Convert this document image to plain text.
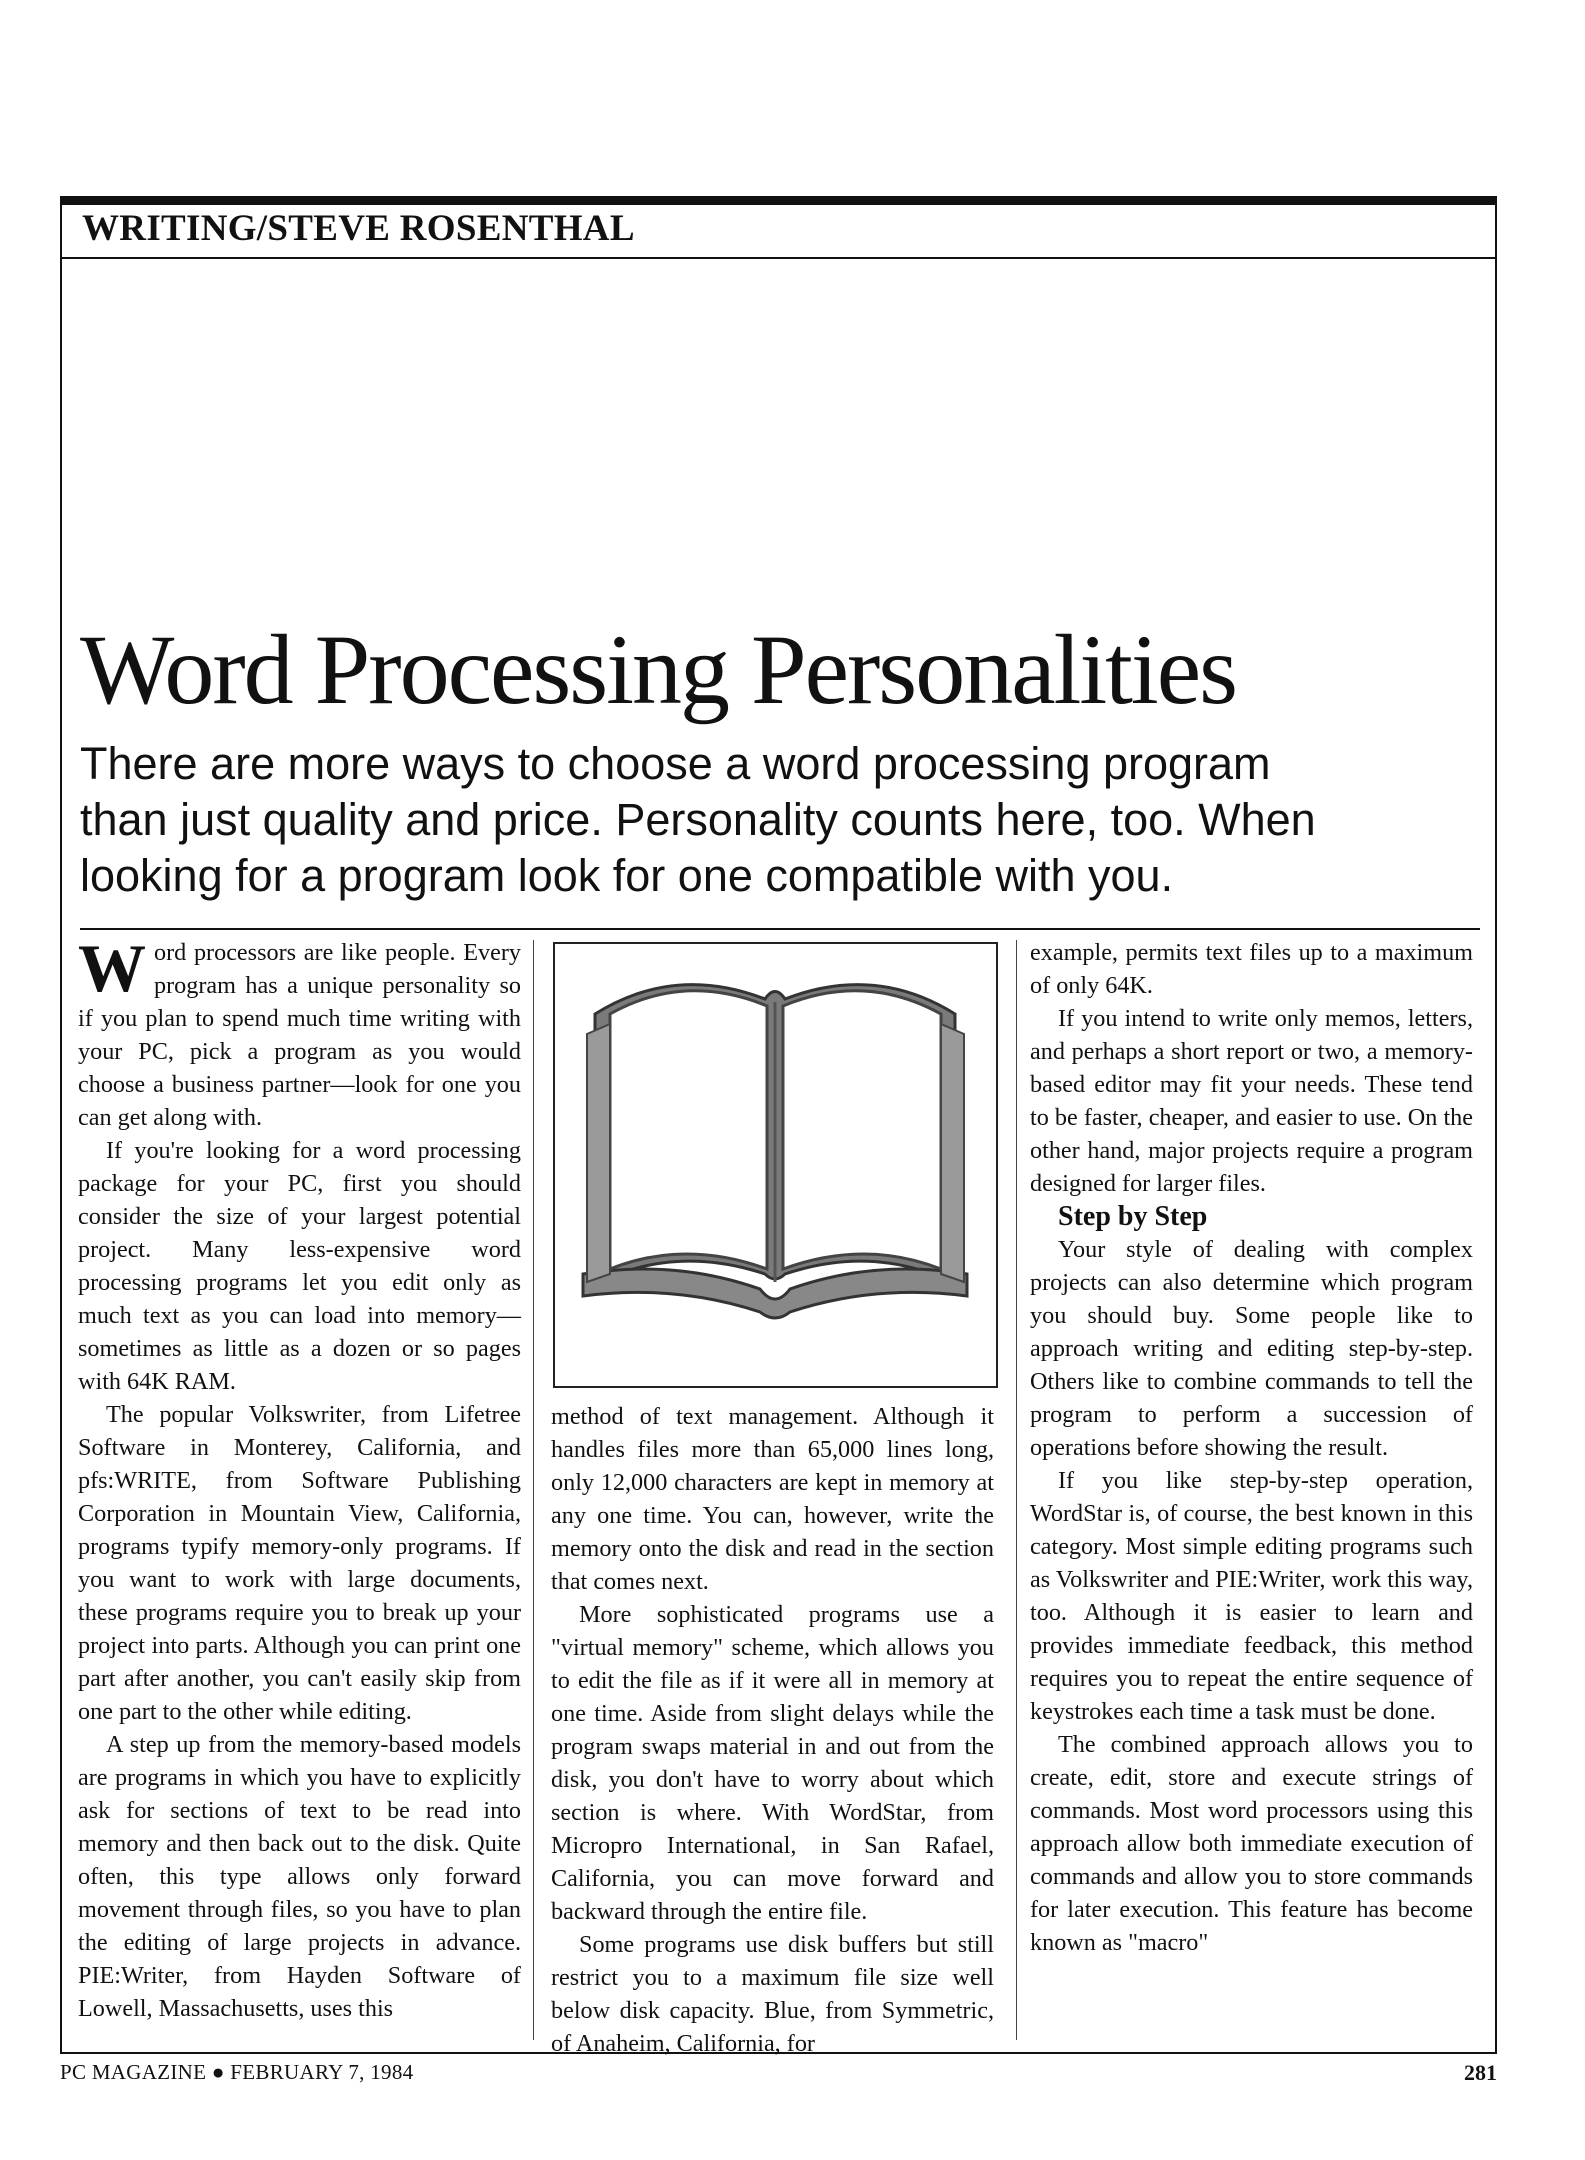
WRITING/STEVE ROSENTHAL
Word Processing Personalities
There are more ways to choose a word processing program
than just quality and price. Personality counts here, too. When
looking for a program look for one compatible with you.

Word processors are like people. Every program has a unique personality so if you plan to spend much time writing with your PC, pick a program as you would choose a business partner—look for one you can get along with.

If you're looking for a word processing package for your PC, first you should consider the size of your largest potential project. Many less-expensive word processing programs let you edit only as much text as you can load into memory—sometimes as little as a dozen or so pages with 64K RAM.

The popular Volkswriter, from Lifetree Software in Monterey, California, and pfs:WRITE, from Software Publishing Corporation in Mountain View, California, programs typify memory-only programs. If you want to work with large documents, these programs require you to break up your project into parts. Although you can print one part after another, you can't easily skip from one part to the other while editing.

A step up from the memory-based models are programs in which you have to explicitly ask for sections of text to be read into memory and then back out to the disk. Quite often, this type allows only forward movement through files, so you have to plan the editing of large projects in advance. PIE:Writer, from Hayden Software of Lowell, Massachusetts, uses this

method of text management. Although it handles files more than 65,000 lines long, only 12,000 characters are kept in memory at any one time. You can, however, write the memory onto the disk and read in the section that comes next.

More sophisticated programs use a "virtual memory" scheme, which allows you to edit the file as if it were all in memory at one time. Aside from slight delays while the program swaps material in and out from the disk, you don't have to worry about which section is where. With WordStar, from Micropro International, in San Rafael, California, you can move forward and backward through the entire file.

Some programs use disk buffers but still restrict you to a maximum file size well below disk capacity. Blue, from Symmetric, of Anaheim, California, for

example, permits text files up to a maximum of only 64K.

If you intend to write only memos, letters, and perhaps a short report or two, a memory-based editor may fit your needs. These tend to be faster, cheaper, and easier to use. On the other hand, major projects require a program designed for larger files.

Step by Step

Your style of dealing with complex projects can also determine which program you should buy. Some people like to approach writing and editing step-by-step. Others like to combine commands to tell the program to perform a succession of operations before showing the result.

If you like step-by-step operation, WordStar is, of course, the best known in this category. Most simple editing programs such as Volkswriter and PIE:Writer, work this way, too. Although it is easier to learn and provides immediate feedback, this method requires you to repeat the entire sequence of keystrokes each time a task must be done.

The combined approach allows you to create, edit, store and execute strings of commands. Most word processors using this approach allow both immediate execution of commands and allow you to store commands for later execution. This feature has become known as "macro"

PC MAGAZINE ● FEBRUARY 7, 1984	281
